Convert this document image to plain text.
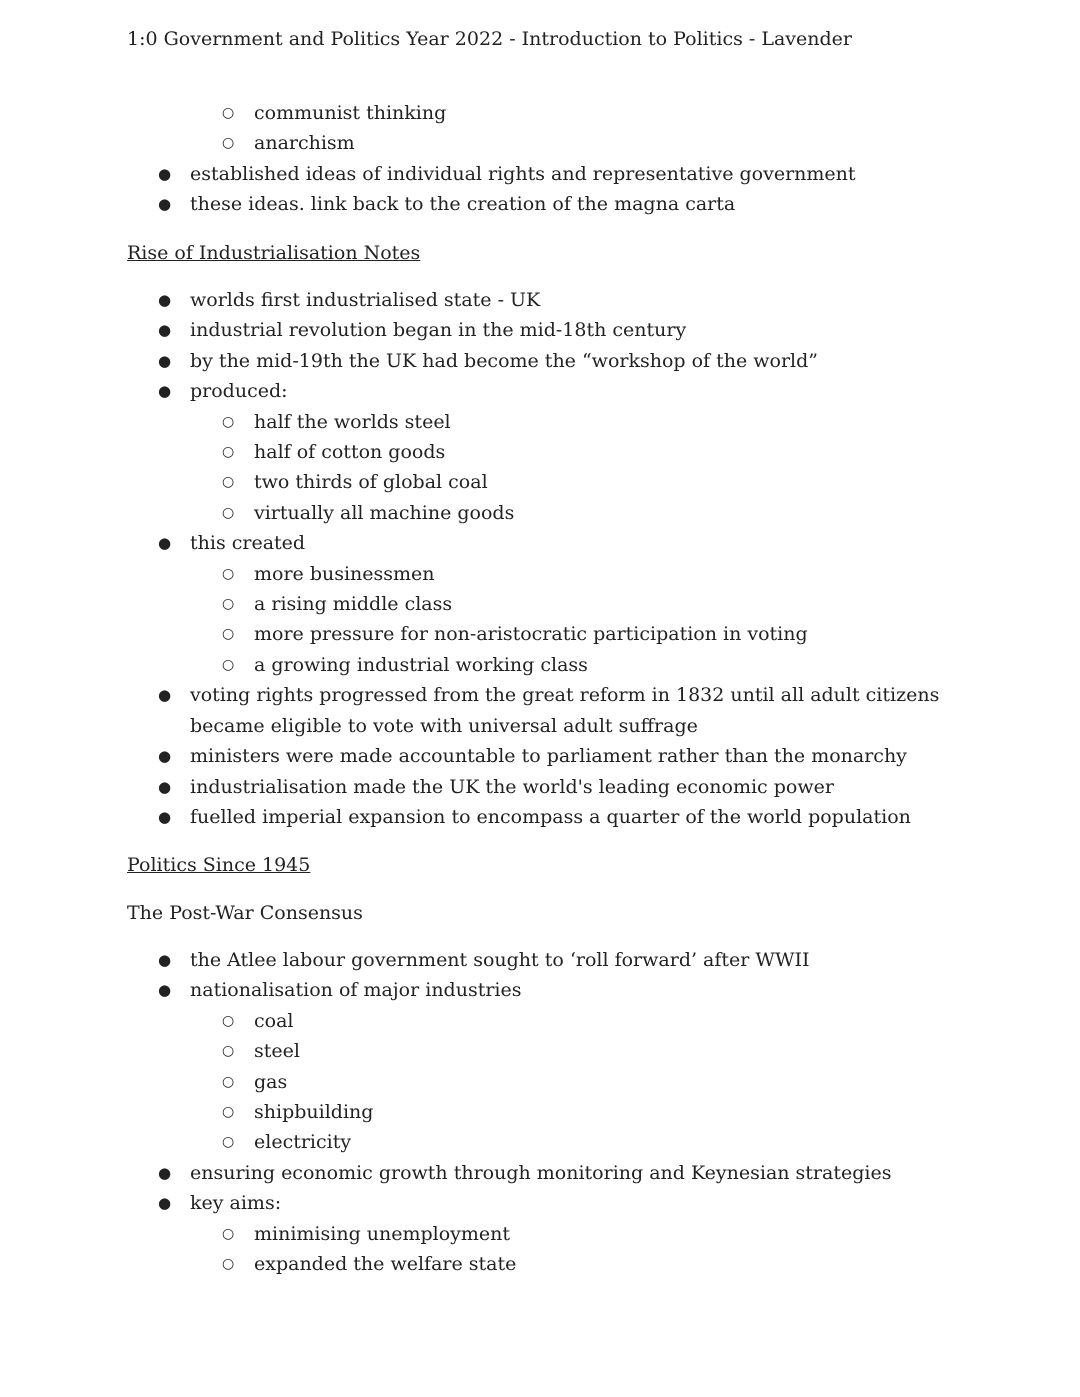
1:0 Government and Politics Year 2022 - Introduction to Politics - Lavender
○ communist thinking
○ anarchism
● established ideas of individual rights and representative government
● these ideas. link back to the creation of the magna carta
Rise of Industrialisation Notes
● worlds first industrialised state - UK
● industrial revolution began in the mid-18th century
● by the mid-19th the UK had become the “workshop of the world”
● produced:
○ half the worlds steel
○ half of cotton goods
○ two thirds of global coal
○ virtually all machine goods
● this created
○ more businessmen
○ a rising middle class
○ more pressure for non-aristocratic participation in voting
○ a growing industrial working class
● voting rights progressed from the great reform in 1832 until all adult citizens became eligible to vote with universal adult suffrage
● ministers were made accountable to parliament rather than the monarchy
● industrialisation made the UK the world's leading economic power
● fuelled imperial expansion to encompass a quarter of the world population
Politics Since 1945
The Post-War Consensus
● the Atlee labour government sought to ‘roll forward’ after WWII
● nationalisation of major industries
○ coal
○ steel
○ gas
○ shipbuilding
○ electricity
● ensuring economic growth through monitoring and Keynesian strategies
● key aims:
○ minimising unemployment
○ expanded the welfare state
